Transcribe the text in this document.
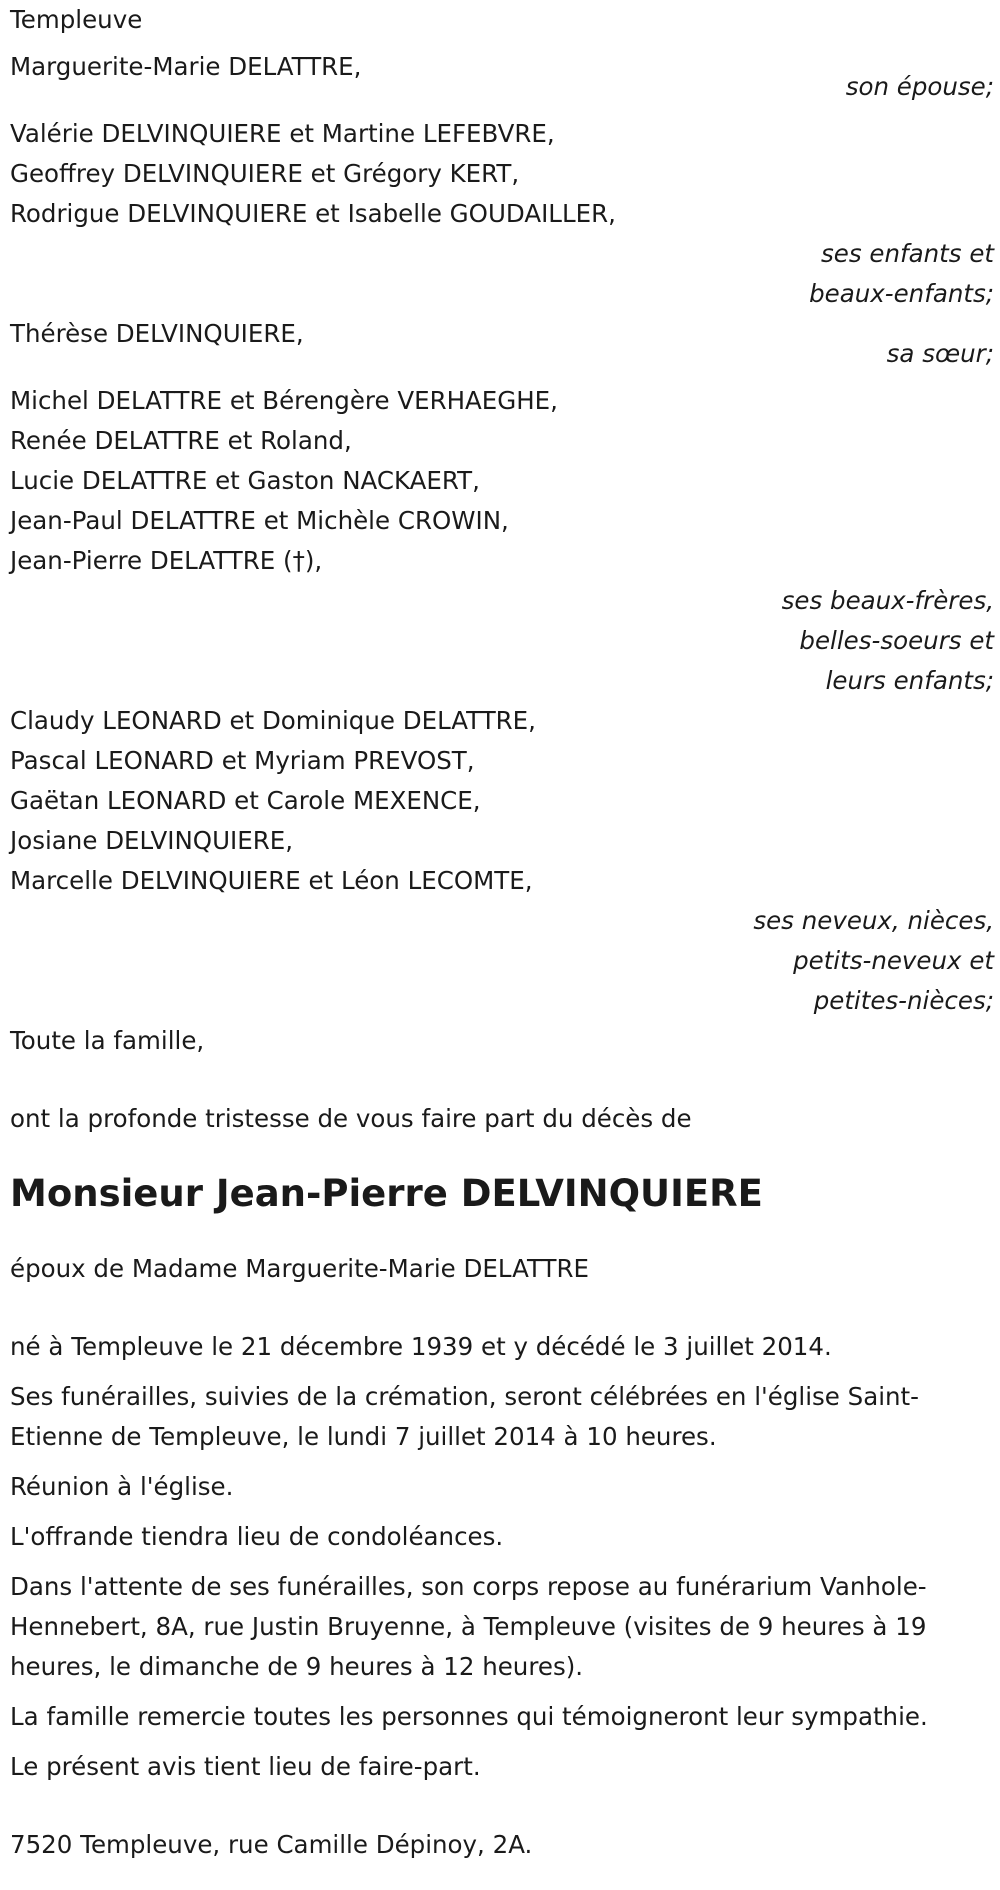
Templeuve
Marguerite-Marie DELATTRE,
son épouse;
Valérie DELVINQUIERE et Martine LEFEBVRE,
Geoffrey DELVINQUIERE et Grégory KERT,
Rodrigue DELVINQUIERE et Isabelle GOUDAILLER,
ses enfants et
beaux-enfants;
Thérèse DELVINQUIERE,
sa sœur;
Michel DELATTRE et Bérengère VERHAEGHE,
Renée DELATTRE et Roland,
Lucie DELATTRE et Gaston NACKAERT,
Jean-Paul DELATTRE et Michèle CROWIN,
Jean-Pierre DELATTRE (†),
ses beaux-frères,
belles-soeurs et
leurs enfants;
Claudy LEONARD et Dominique DELATTRE,
Pascal LEONARD et Myriam PREVOST,
Gaëtan LEONARD et Carole MEXENCE,
Josiane DELVINQUIERE,
Marcelle DELVINQUIERE et Léon LECOMTE,
ses neveux, nièces,
petits-neveux et
petites-nièces;
Toute la famille,
ont la profonde tristesse de vous faire part du décès de
Monsieur Jean-Pierre DELVINQUIERE
époux de Madame Marguerite-Marie DELATTRE
né à Templeuve le 21 décembre 1939 et y décédé le 3 juillet 2014.
Ses funérailles, suivies de la crémation, seront célébrées en l'église Saint-Etienne de Templeuve, le lundi 7 juillet 2014 à 10 heures.
Réunion à l'église.
L'offrande tiendra lieu de condoléances.
Dans l'attente de ses funérailles, son corps repose au funérarium Vanhole-Hennebert, 8A, rue Justin Bruyenne, à Templeuve (visites de 9 heures à 19 heures, le dimanche de 9 heures à 12 heures).
La famille remercie toutes les personnes qui témoigneront leur sympathie.
Le présent avis tient lieu de faire-part.
7520 Templeuve, rue Camille Dépinoy, 2A.
